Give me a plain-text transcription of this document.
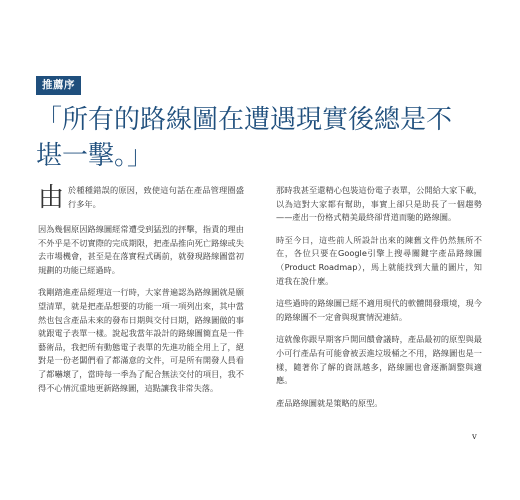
推薦序
「所有的路線圖在遭遇現實後總是不堪一擊。」

由於種種錯誤的原因，致使這句話在產品管理圈盛行多年。

因為幾個原因路線圖經常遭受到猛烈的抨擊，指責的理由不外乎是不切實際的完成期限，把產品推向死亡路線或失去市場機會，甚至是在落實程式碼前，就發現路線圖當初規劃的功能已經過時。

我剛踏進產品經理這一行時，大家普遍認為路線圖就是願望清單，就是把產品想要的功能一項一項列出來，其中當然也包含產品未來的發布日期與交付日期，路線圖做的事就跟電子表單一樣。說起我當年設計的路線圖簡直是一件藝術品，我把所有動態電子表單的先進功能全用上了，絕對是一份老闆們看了都滿意的文件，可是所有開發人員看了都嚇壞了，當時每一季為了配合無法交付的項目，我不得不心情沉重地更新路線圖，這點讓我非常失落。

那時我甚至還精心包裝這份電子表單，公開給大家下載，以為這對大家都有幫助，事實上卻只是助長了一個趨勢——產出一份格式精美最終卻背道而馳的路線圖。

時至今日，這些前人所設計出來的陳舊文件仍然無所不在，各位只要在Google引擎上搜尋關鍵字產品路線圖（Product Roadmap），馬上就能找到大量的圖片，知道我在說什麼。

這些過時的路線圖已經不適用現代的軟體開發環境，現今的路線圖不一定會與現實情況連結。

這就像你跟早期客戶開回饋會議時，產品最初的原型與最小可行產品有可能會被丟進垃圾桶之不用，路線圖也是一樣，隨著你了解的資訊越多，路線圖也會逐漸調整與適應。

產品路線圖就是策略的原型。

v
